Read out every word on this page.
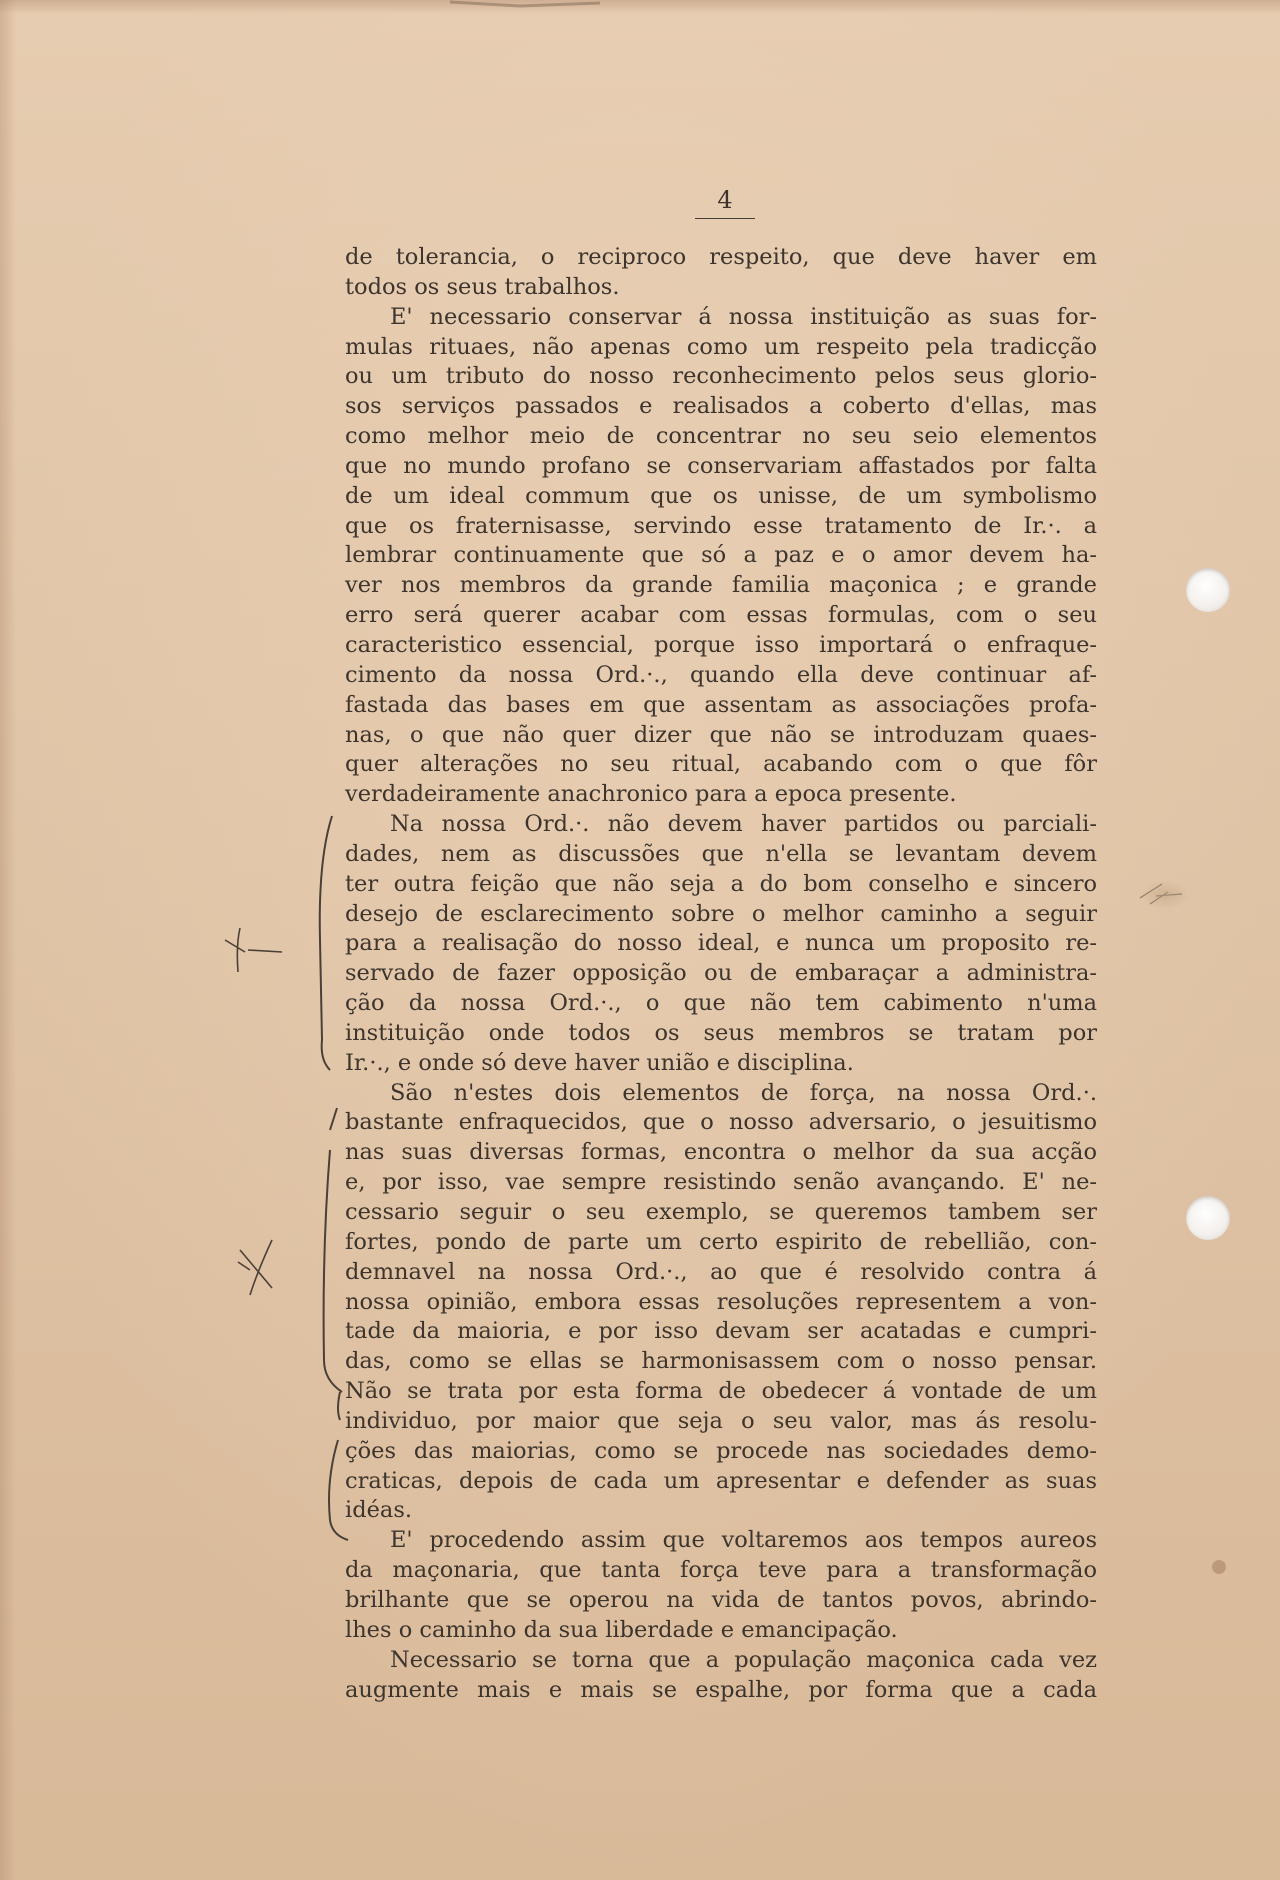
4
de tolerancia, o reciproco respeito, que deve haver em
todos os seus trabalhos.
E' necessario conservar á nossa instituição as suas for-
mulas rituaes, não apenas como um respeito pela tradicção
ou um tributo do nosso reconhecimento pelos seus glorio-
sos serviços passados e realisados a coberto d'ellas, mas
como melhor meio de concentrar no seu seio elementos
que no mundo profano se conservariam affastados por falta
de um ideal commum que os unisse, de um symbolismo
que os fraternisasse, servindo esse tratamento de Ir.·. a
lembrar continuamente que só a paz e o amor devem ha-
ver nos membros da grande familia maçonica ; e grande
erro será querer acabar com essas formulas, com o seu
caracteristico essencial, porque isso importará o enfraque-
cimento da nossa Ord.·., quando ella deve continuar af-
fastada das bases em que assentam as associações profa-
nas, o que não quer dizer que não se introduzam quaes-
quer alterações no seu ritual, acabando com o que fôr
verdadeiramente anachronico para a epoca presente.
Na nossa Ord.·. não devem haver partidos ou parciali-
dades, nem as discussões que n'ella se levantam devem
ter outra feição que não seja a do bom conselho e sincero
desejo de esclarecimento sobre o melhor caminho a seguir
para a realisação do nosso ideal, e nunca um proposito re-
servado de fazer opposição ou de embaraçar a administra-
ção da nossa Ord.·., o que não tem cabimento n'uma
instituição onde todos os seus membros se tratam por
Ir.·., e onde só deve haver união e disciplina.
São n'estes dois elementos de força, na nossa Ord.·.
bastante enfraquecidos, que o nosso adversario, o jesuitismo
nas suas diversas formas, encontra o melhor da sua acção
e, por isso, vae sempre resistindo senão avançando. E' ne-
cessario seguir o seu exemplo, se queremos tambem ser
fortes, pondo de parte um certo espirito de rebellião, con-
demnavel na nossa Ord.·., ao que é resolvido contra á
nossa opinião, embora essas resoluções representem a von-
tade da maioria, e por isso devam ser acatadas e cumpri-
das, como se ellas se harmonisassem com o nosso pensar.
Não se trata por esta forma de obedecer á vontade de um
individuo, por maior que seja o seu valor, mas ás resolu-
ções das maiorias, como se procede nas sociedades demo-
craticas, depois de cada um apresentar e defender as suas
idéas.
E' procedendo assim que voltaremos aos tempos aureos
da maçonaria, que tanta força teve para a transformação
brilhante que se operou na vida de tantos povos, abrindo-
lhes o caminho da sua liberdade e emancipação.
Necessario se torna que a população maçonica cada vez
augmente mais e mais se espalhe, por forma que a cada
